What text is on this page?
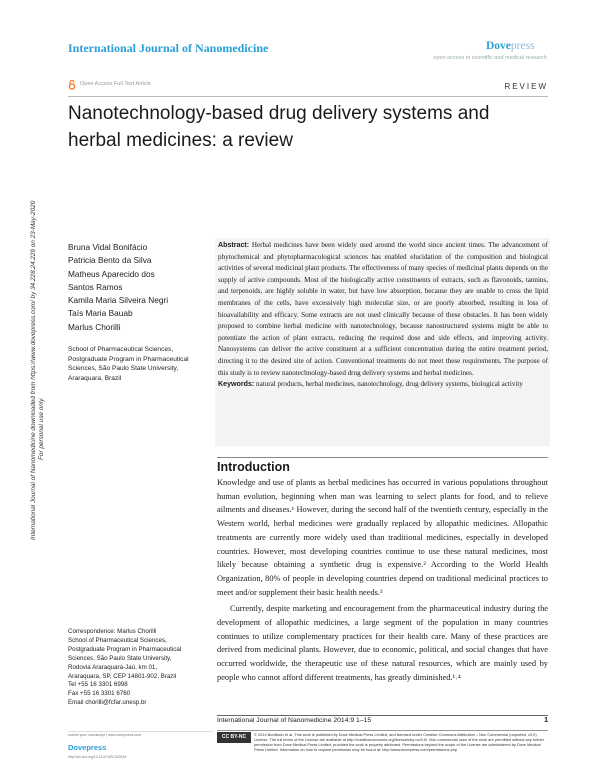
International Journal of Nanomedicine	Dovepress
open access to scientific and medical research
Open Access Full Text Article	REVIEW
Nanotechnology-based drug delivery systems and herbal medicines: a review
International Journal of Nanomedicine downloaded from https://www.dovepress.com/ by 34.228.24.229 on 23-May-2020 For personal use only.
Bruna Vidal Bonifácio
Patricia Bento da Silva
Matheus Aparecido dos
Santos Ramos
Kamila Maria Silveira Negri
Taís Maria Bauab
Marlus Chorilli
School of Pharmaceutical Sciences, Postgraduate Program in Pharmaceutical Sciences, São Paulo State University, Araraquara, Brazil
Abstract: Herbal medicines have been widely used around the world since ancient times. The advancement of phytochemical and phytopharmacological sciences has enabled elucidation of the composition and biological activities of several medicinal plant products. The effectiveness of many species of medicinal plants depends on the supply of active compounds. Most of the biologically active constituents of extracts, such as flavonoids, tannins, and terpenoids, are highly soluble in water, but have low absorption, because they are unable to cross the lipid membranes of the cells, have excessively high molecular size, or are poorly absorbed, resulting in loss of bioavailability and efficacy. Some extracts are not used clinically because of these obstacles. It has been widely proposed to combine herbal medicine with nanotechnology, because nanostructured systems might be able to potentiate the action of plant extracts, reducing the required dose and side effects, and improving activity. Nanosystems can deliver the active constituent at a sufficient concentration during the entire treatment period, directing it to the desired site of action. Conventional treatments do not meet these requirements. The purpose of this study is to review nanotechnology-based drug delivery systems and herbal medicines.
Keywords: natural products, herbal medicines, nanotechnology, drug delivery systems, biological activity
Introduction

Knowledge and use of plants as herbal medicines has occurred in various populations throughout human evolution, beginning when man was learning to select plants for food, and to relieve ailments and diseases.¹ However, during the second half of the twentieth century, especially in the Western world, herbal medicines were gradually replaced by allopathic medicines. Allopathic treatments are currently more widely used than traditional medicines, especially in developed countries. However, most developing countries continue to use these natural medicines, most likely because obtaining a synthetic drug is expensive.² According to the World Health Organization, 80% of people in developing countries depend on traditional medicinal practices to meet and/or supplement their basic health needs.³

Currently, despite marketing and encouragement from the pharmaceutical industry during the development of allopathic medicines, a large segment of the population in many countries continues to utilize complementary practices for their health care. Many of these practices are derived from medicinal plants. However, due to economic, political, and social changes that have occurred worldwide, the therapeutic use of these natural resources, which are mainly used by people who cannot afford different treatments, has greatly diminished.¹˒⁴

Correspondence: Marlus Chorilli
School of Pharmaceutical Sciences,
Postgraduate Program in Pharmaceutical
Sciences, São Paulo State University,
Rodovia Araraquara-Jaú, km 01,
Araraquara, SP, CEP 14801-902, Brazil
Tel +55 16 3301 6998
Fax +55 16 3301 6760
Email chorilli@fcfar.unesp.br
International Journal of Nanomedicine 2014:9 1–15	1
CC BY-NC	© 2014 Bonifácio et al. This work is published by Dove Medical Press Limited, and licensed under Creative Commons Attribution – Non Commercial (unported, v3.0) License. The full terms of the License are available at http://creativecommons.org/licenses/by-nc/3.0/. Non-commercial uses of the work are permitted without any further permission from Dove Medical Press Limited, provided the work is properly attributed. Permissions beyond the scope of the License are administered by Dove Medical Press Limited. Information on how to request permission may be found at: http://www.dovepress.com/permissions.php
submit your manuscript | www.dovepress.com
Dovepress
http://dx.doi.org/10.2147/IJN.S52634
